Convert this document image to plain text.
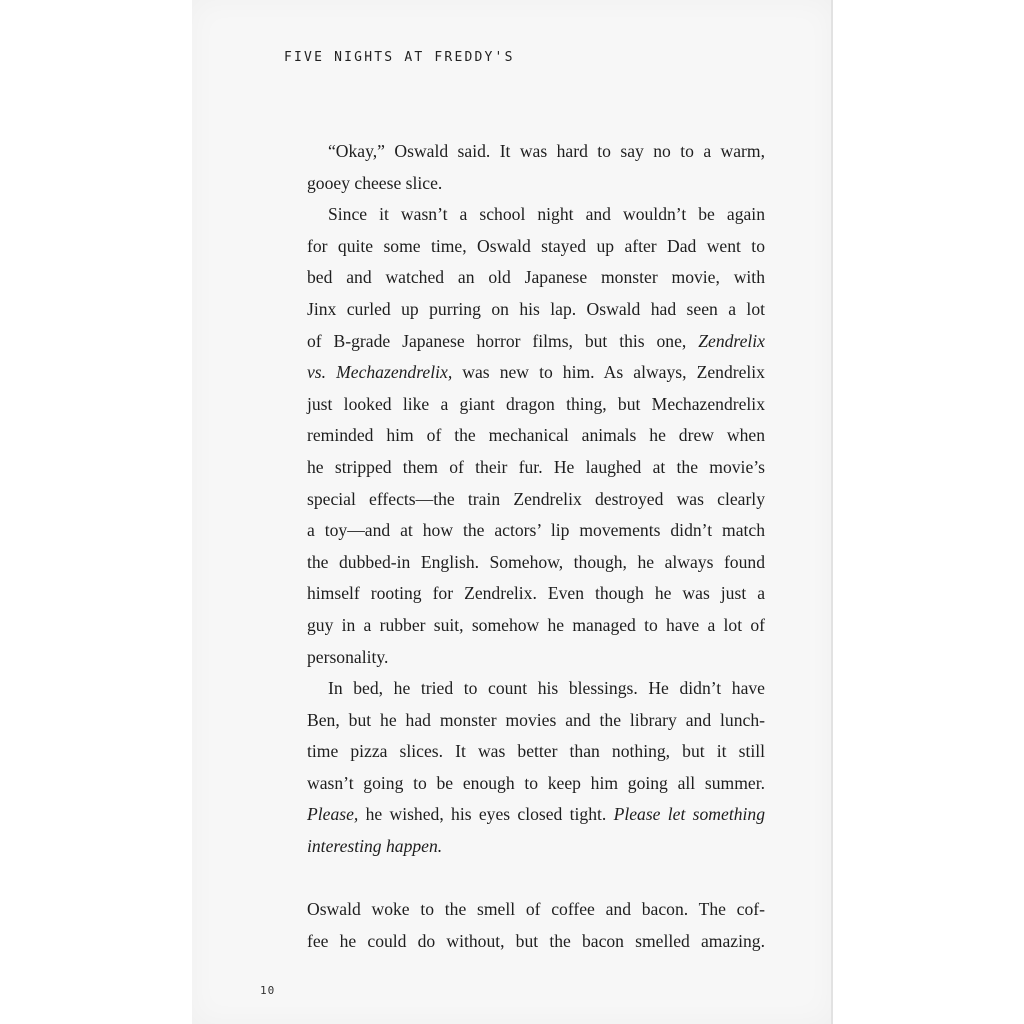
FIVE NIGHTS AT FREDDY'S
“Okay,” Oswald said. It was hard to say no to a warm,
gooey cheese slice.
Since it wasn’t a school night and wouldn’t be again
for quite some time, Oswald stayed up after Dad went to
bed and watched an old Japanese monster movie, with
Jinx curled up purring on his lap. Oswald had seen a lot
of B-grade Japanese horror films, but this one, Zendrelix
vs. Mechazendrelix, was new to him. As always, Zendrelix
just looked like a giant dragon thing, but Mechazendrelix
reminded him of the mechanical animals he drew when
he stripped them of their fur. He laughed at the movie’s
special effects—the train Zendrelix destroyed was clearly
a toy—and at how the actors’ lip movements didn’t match
the dubbed-in English. Somehow, though, he always found
himself rooting for Zendrelix. Even though he was just a
guy in a rubber suit, somehow he managed to have a lot of
personality.
In bed, he tried to count his blessings. He didn’t have
Ben, but he had monster movies and the library and lunch-
time pizza slices. It was better than nothing, but it still
wasn’t going to be enough to keep him going all summer.
Please, he wished, his eyes closed tight. Please let something
interesting happen.
Oswald woke to the smell of coffee and bacon. The cof-
fee he could do without, but the bacon smelled amazing.
10
